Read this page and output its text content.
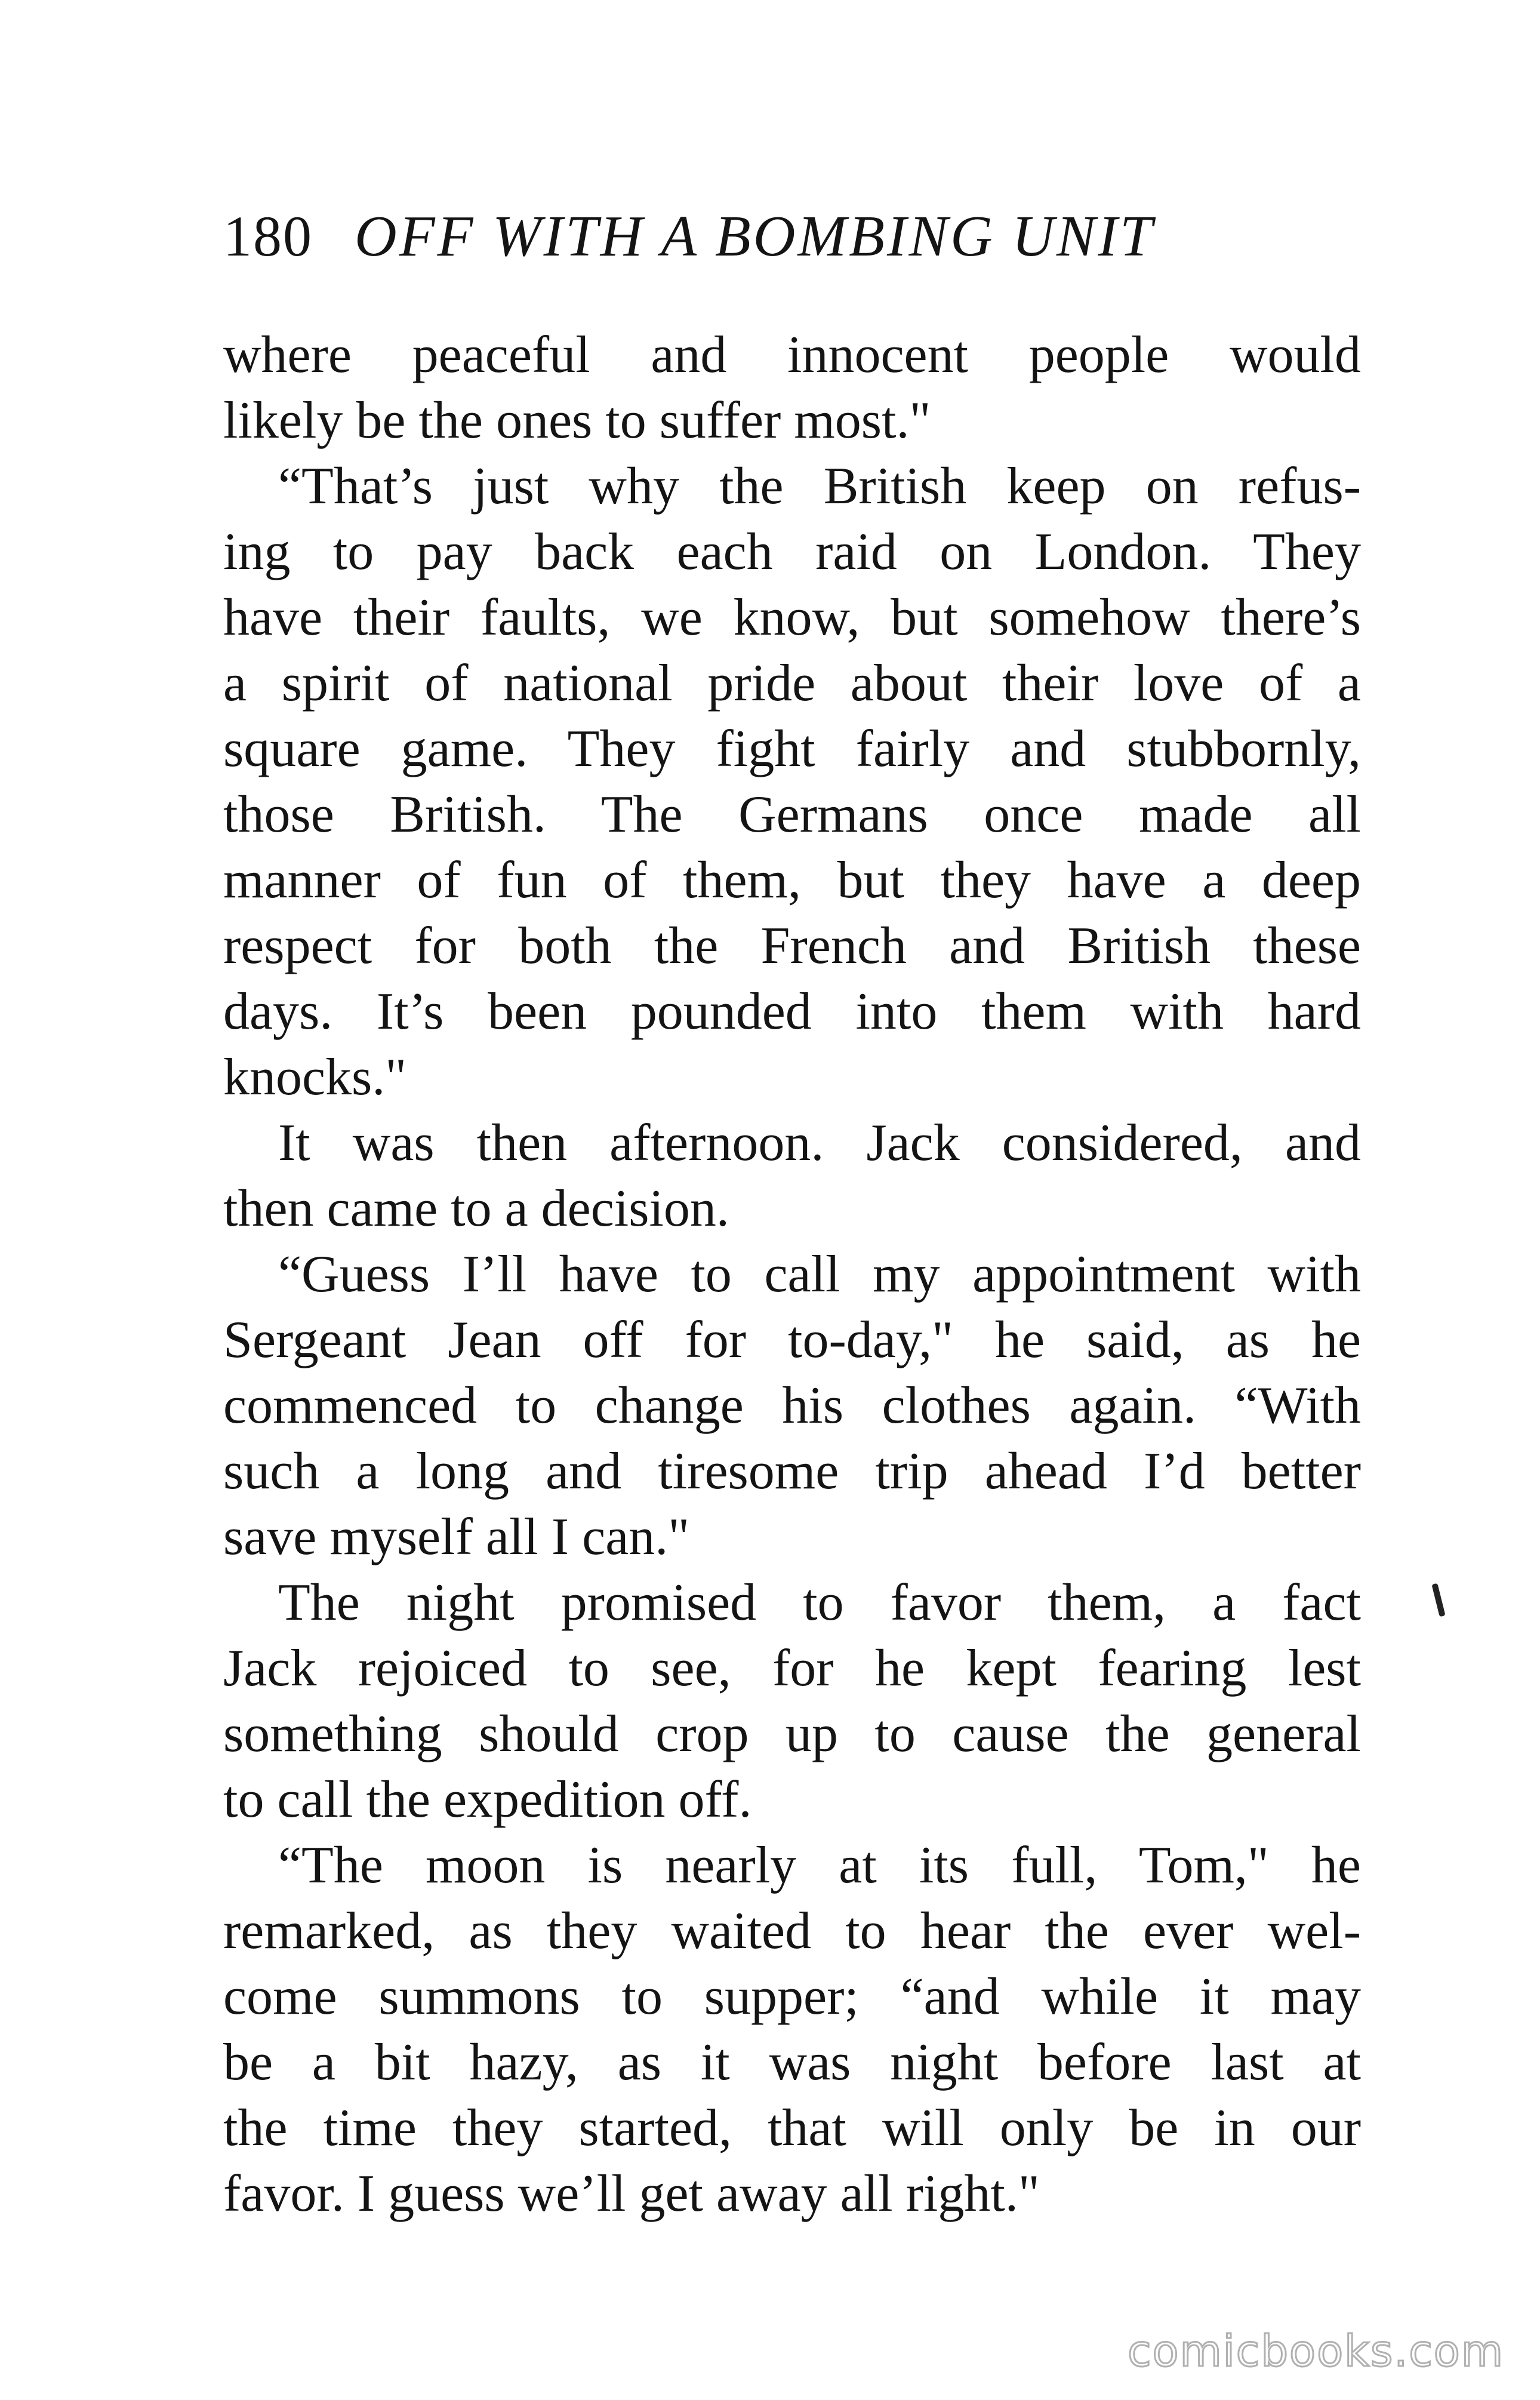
180 OFF WITH A BOMBING UNIT
where peaceful and innocent people would
likely be the ones to suffer most."
“That’s just why the British keep on refus-
ing to pay back each raid on London. They
have their faults, we know, but somehow there’s
a spirit of national pride about their love of a
square game. They fight fairly and stubbornly,
those British. The Germans once made all
manner of fun of them, but they have a deep
respect for both the French and British these
days. It’s been pounded into them with hard
knocks."
It was then afternoon. Jack considered, and
then came to a decision.
“Guess I’ll have to call my appointment with
Sergeant Jean off for to-day," he said, as he
commenced to change his clothes again. “With
such a long and tiresome trip ahead I’d better
save myself all I can."
The night promised to favor them, a fact
Jack rejoiced to see, for he kept fearing lest
something should crop up to cause the general
to call the expedition off.
“The moon is nearly at its full, Tom," he
remarked, as they waited to hear the ever wel-
come summons to supper; “and while it may
be a bit hazy, as it was night before last at
the time they started, that will only be in our
favor. I guess we’ll get away all right."
comicbooks.com
